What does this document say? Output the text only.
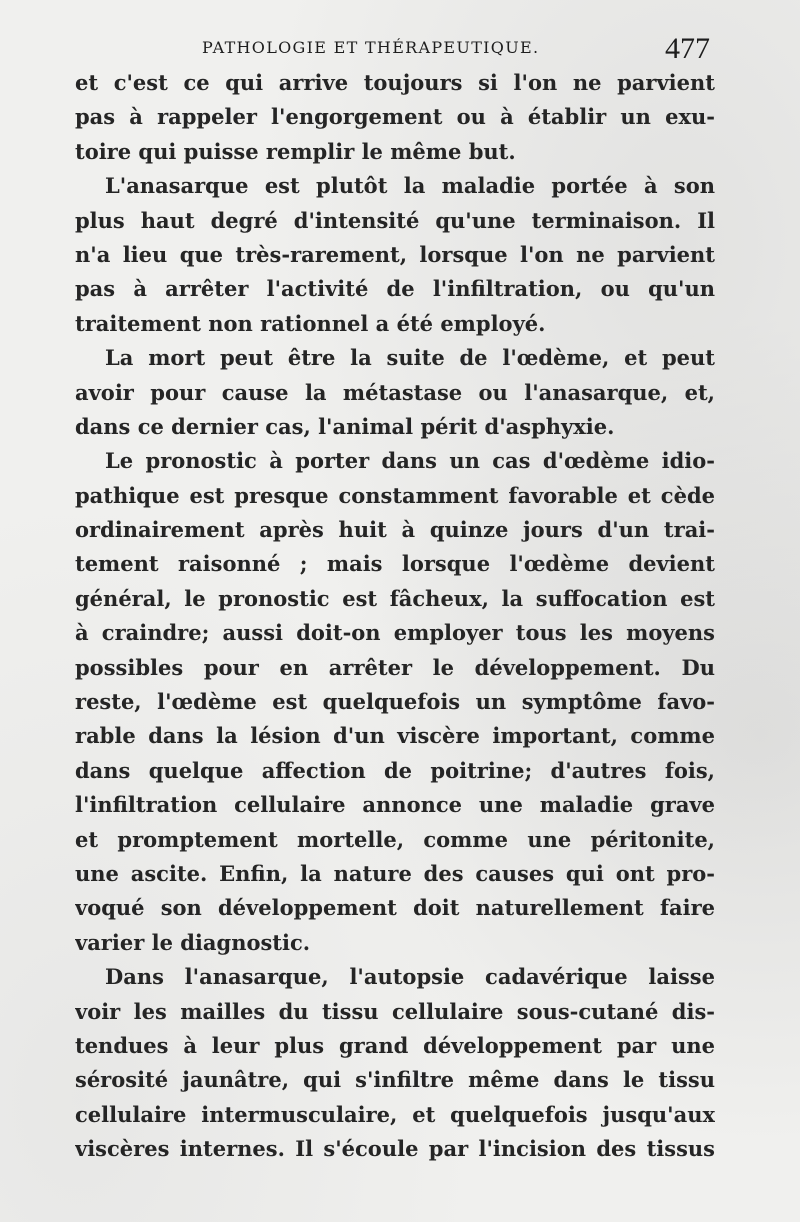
PATHOLOGIE ET THÉRAPEUTIQUE.	477
et c'est ce qui arrive toujours si l'on ne parvient
pas à rappeler l'engorgement ou à établir un exu-
toire qui puisse remplir le même but.
L'anasarque est plutôt la maladie portée à son
plus haut degré d'intensité qu'une terminaison. Il
n'a lieu que très-rarement, lorsque l'on ne parvient
pas à arrêter l'activité de l'infiltration, ou qu'un
traitement non rationnel a été employé.
La mort peut être la suite de l'œdème, et peut
avoir pour cause la métastase ou l'anasarque, et,
dans ce dernier cas, l'animal périt d'asphyxie.
Le pronostic à porter dans un cas d'œdème idio-
pathique est presque constamment favorable et cède
ordinairement après huit à quinze jours d'un trai-
tement raisonné ; mais lorsque l'œdème devient
général, le pronostic est fâcheux, la suffocation est
à craindre; aussi doit-on employer tous les moyens
possibles pour en arrêter le développement. Du
reste, l'œdème est quelquefois un symptôme favo-
rable dans la lésion d'un viscère important, comme
dans quelque affection de poitrine; d'autres fois,
l'infiltration cellulaire annonce une maladie grave
et promptement mortelle, comme une péritonite,
une ascite. Enfin, la nature des causes qui ont pro-
voqué son développement doit naturellement faire
varier le diagnostic.
Dans l'anasarque, l'autopsie cadavérique laisse
voir les mailles du tissu cellulaire sous-cutané dis-
tendues à leur plus grand développement par une
sérosité jaunâtre, qui s'infiltre même dans le tissu
cellulaire intermusculaire, et quelquefois jusqu'aux
viscères internes. Il s'écoule par l'incision des tissus
